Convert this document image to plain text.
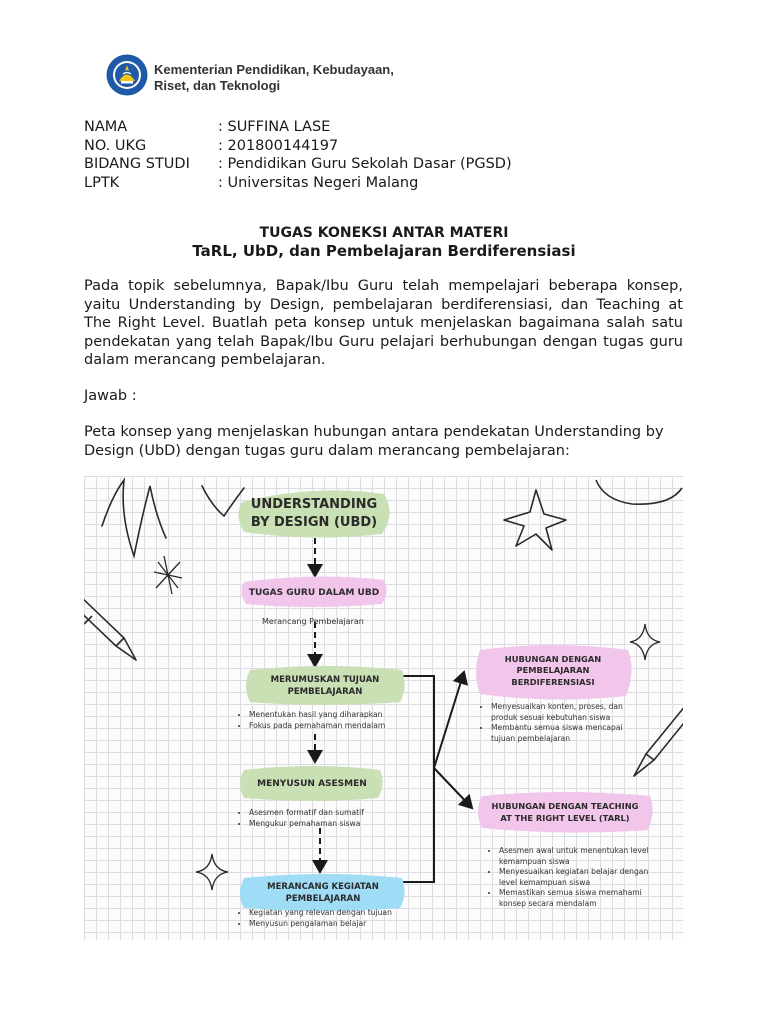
Kementerian Pendidikan, Kebudayaan,
Riset, dan Teknologi
NAMA	: SUFFINA LASE
NO. UKG	: 201800144197
BIDANG STUDI	: Pendidikan Guru Sekolah Dasar (PGSD)
LPTK	: Universitas Negeri Malang
TUGAS KONEKSI ANTAR MATERI
TaRL, UbD, dan Pembelajaran Berdiferensiasi
Pada topik sebelumnya, Bapak/Ibu Guru telah mempelajari beberapa konsep, yaitu Understanding by Design, pembelajaran berdiferensiasi, dan Teaching at The Right Level. Buatlah peta konsep untuk menjelaskan bagaimana salah satu pendekatan yang telah Bapak/Ibu Guru pelajari berhubungan dengan tugas guru dalam merancang pembelajaran.
Jawab :
Peta konsep yang menjelaskan hubungan antara pendekatan Understanding by Design (UbD) dengan tugas guru dalam merancang pembelajaran:
UNDERSTANDING
BY DESIGN (UBD)
TUGAS GURU DALAM UBD
Merancang Pembelajaran
MERUMUSKAN TUJUAN
PEMBELAJARAN
• Menentukan hasil yang diharapkan
• Fokus pada pemahaman mendalam
MENYUSUN ASESMEN
• Asesmen formatif dan sumatif
• Mengukur pemahaman siswa
MERANCANG KEGIATAN
PEMBELAJARAN
• Kegiatan yang relevan dengan tujuan
• Menyusun pengalaman belajar
HUBUNGAN DENGAN
PEMBELAJARAN
BERDIFERENSIASI
• Menyesuaikan konten, proses, dan produk sesuai kebutuhan siswa
• Membantu semua siswa mencapai tujuan pembelajaran
HUBUNGAN DENGAN TEACHING
AT THE RIGHT LEVEL (TARL)
• Asesmen awal untuk menentukan level kemampuan siswa
• Menyesuaikan kegiatan belajar dengan level kemampuan siswa
• Memastikan semua siswa memahami konsep secara mendalam
